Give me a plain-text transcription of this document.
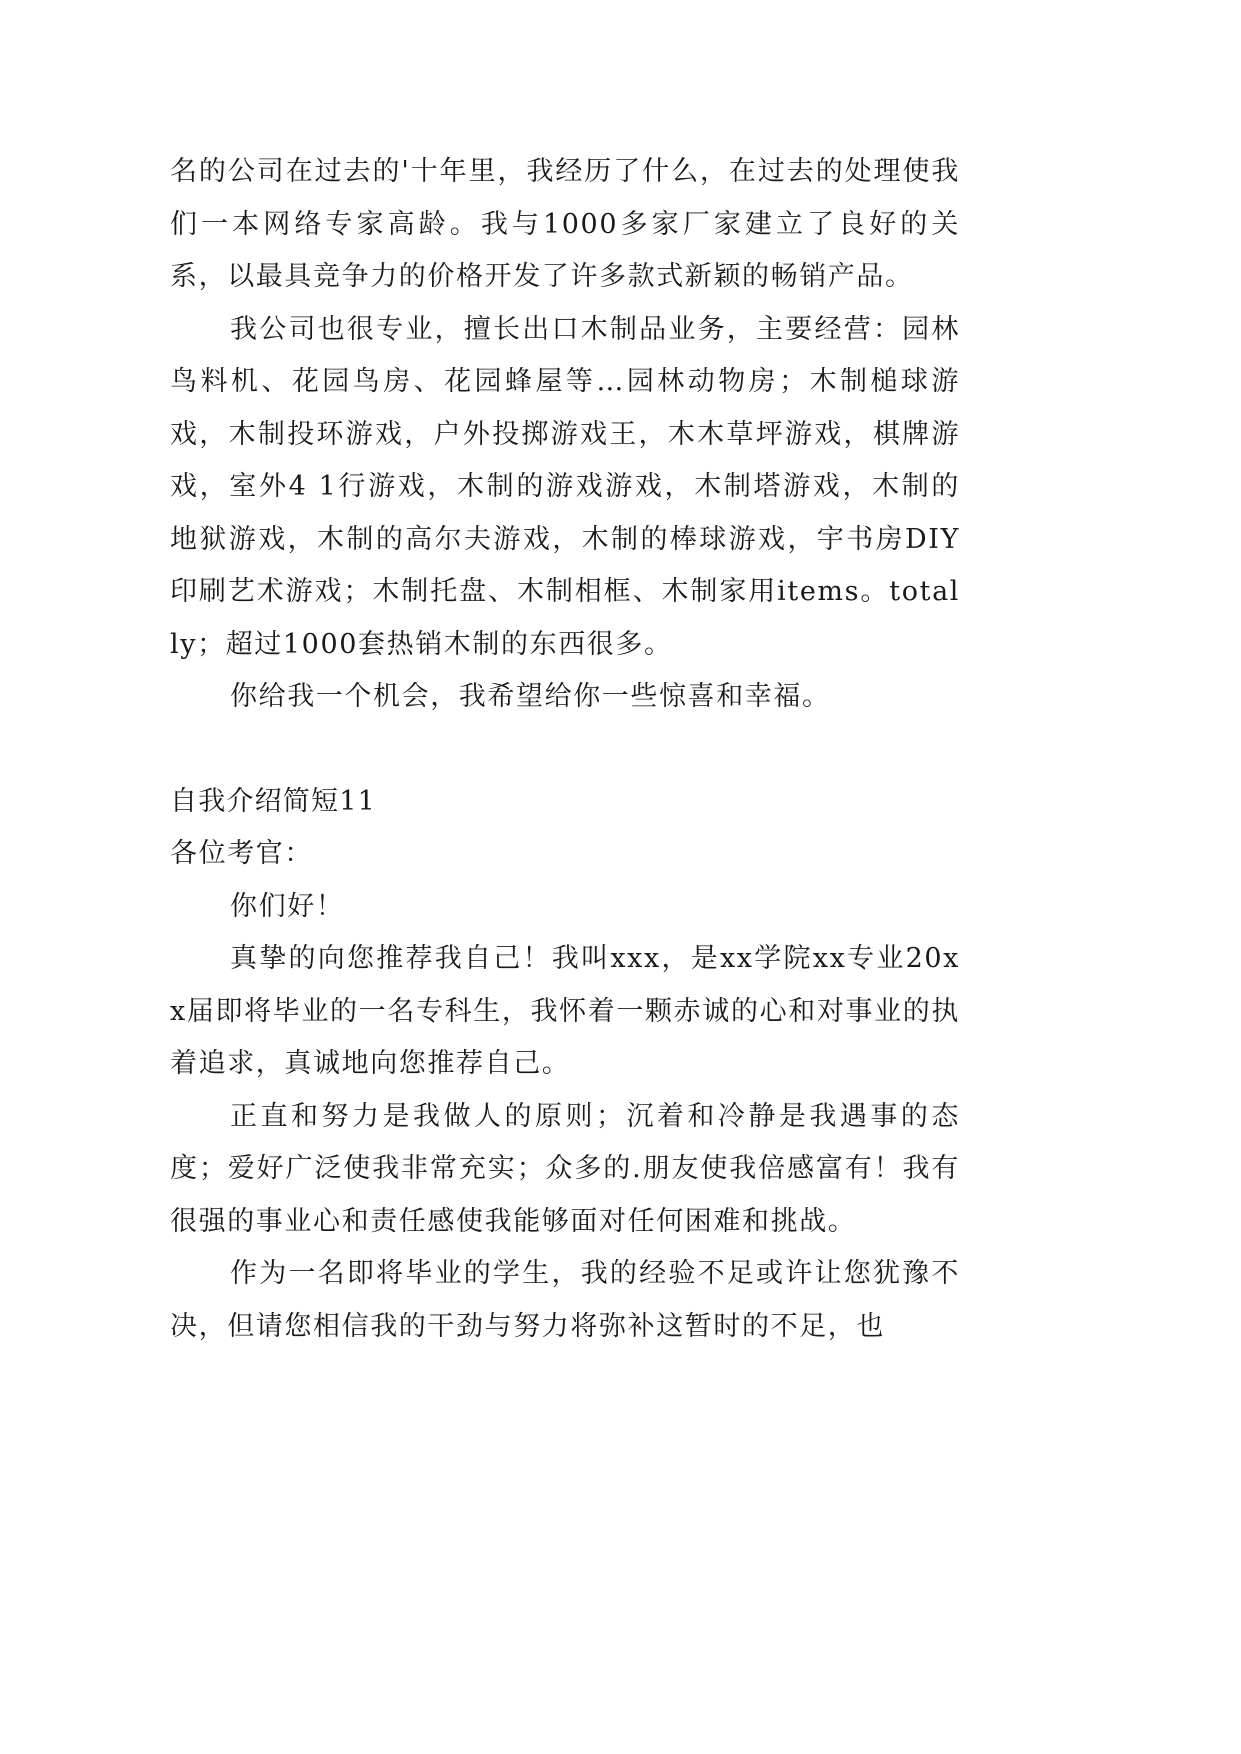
名的公司在过去的'十年里，我经历了什么，在过去的处理使我们一本网络专家高龄。我与1000多家厂家建立了良好的关系，以最具竞争力的价格开发了许多款式新颖的畅销产品。

我公司也很专业，擅长出口木制品业务，主要经营：园林鸟料机、花园鸟房、花园蜂屋等…园林动物房；木制槌球游戏，木制投环游戏，户外投掷游戏王，木木草坪游戏，棋牌游戏，室外4 1行游戏，木制的游戏游戏，木制塔游戏，木制的地狱游戏，木制的高尔夫游戏，木制的棒球游戏，宇书房DIY印刷艺术游戏；木制托盘、木制相框、木制家用items。totally；超过1000套热销木制的东西很多。

你给我一个机会，我希望给你一些惊喜和幸福。

自我介绍简短11

各位考官：

你们好！

真挚的向您推荐我自己！我叫xxx，是xx学院xx专业20xx届即将毕业的一名专科生，我怀着一颗赤诚的心和对事业的执着追求，真诚地向您推荐自己。

正直和努力是我做人的原则；沉着和冷静是我遇事的态度；爱好广泛使我非常充实；众多的.朋友使我倍感富有！我有很强的事业心和责任感使我能够面对任何困难和挑战。

作为一名即将毕业的学生，我的经验不足或许让您犹豫不决，但请您相信我的干劲与努力将弥补这暂时的不足，也
